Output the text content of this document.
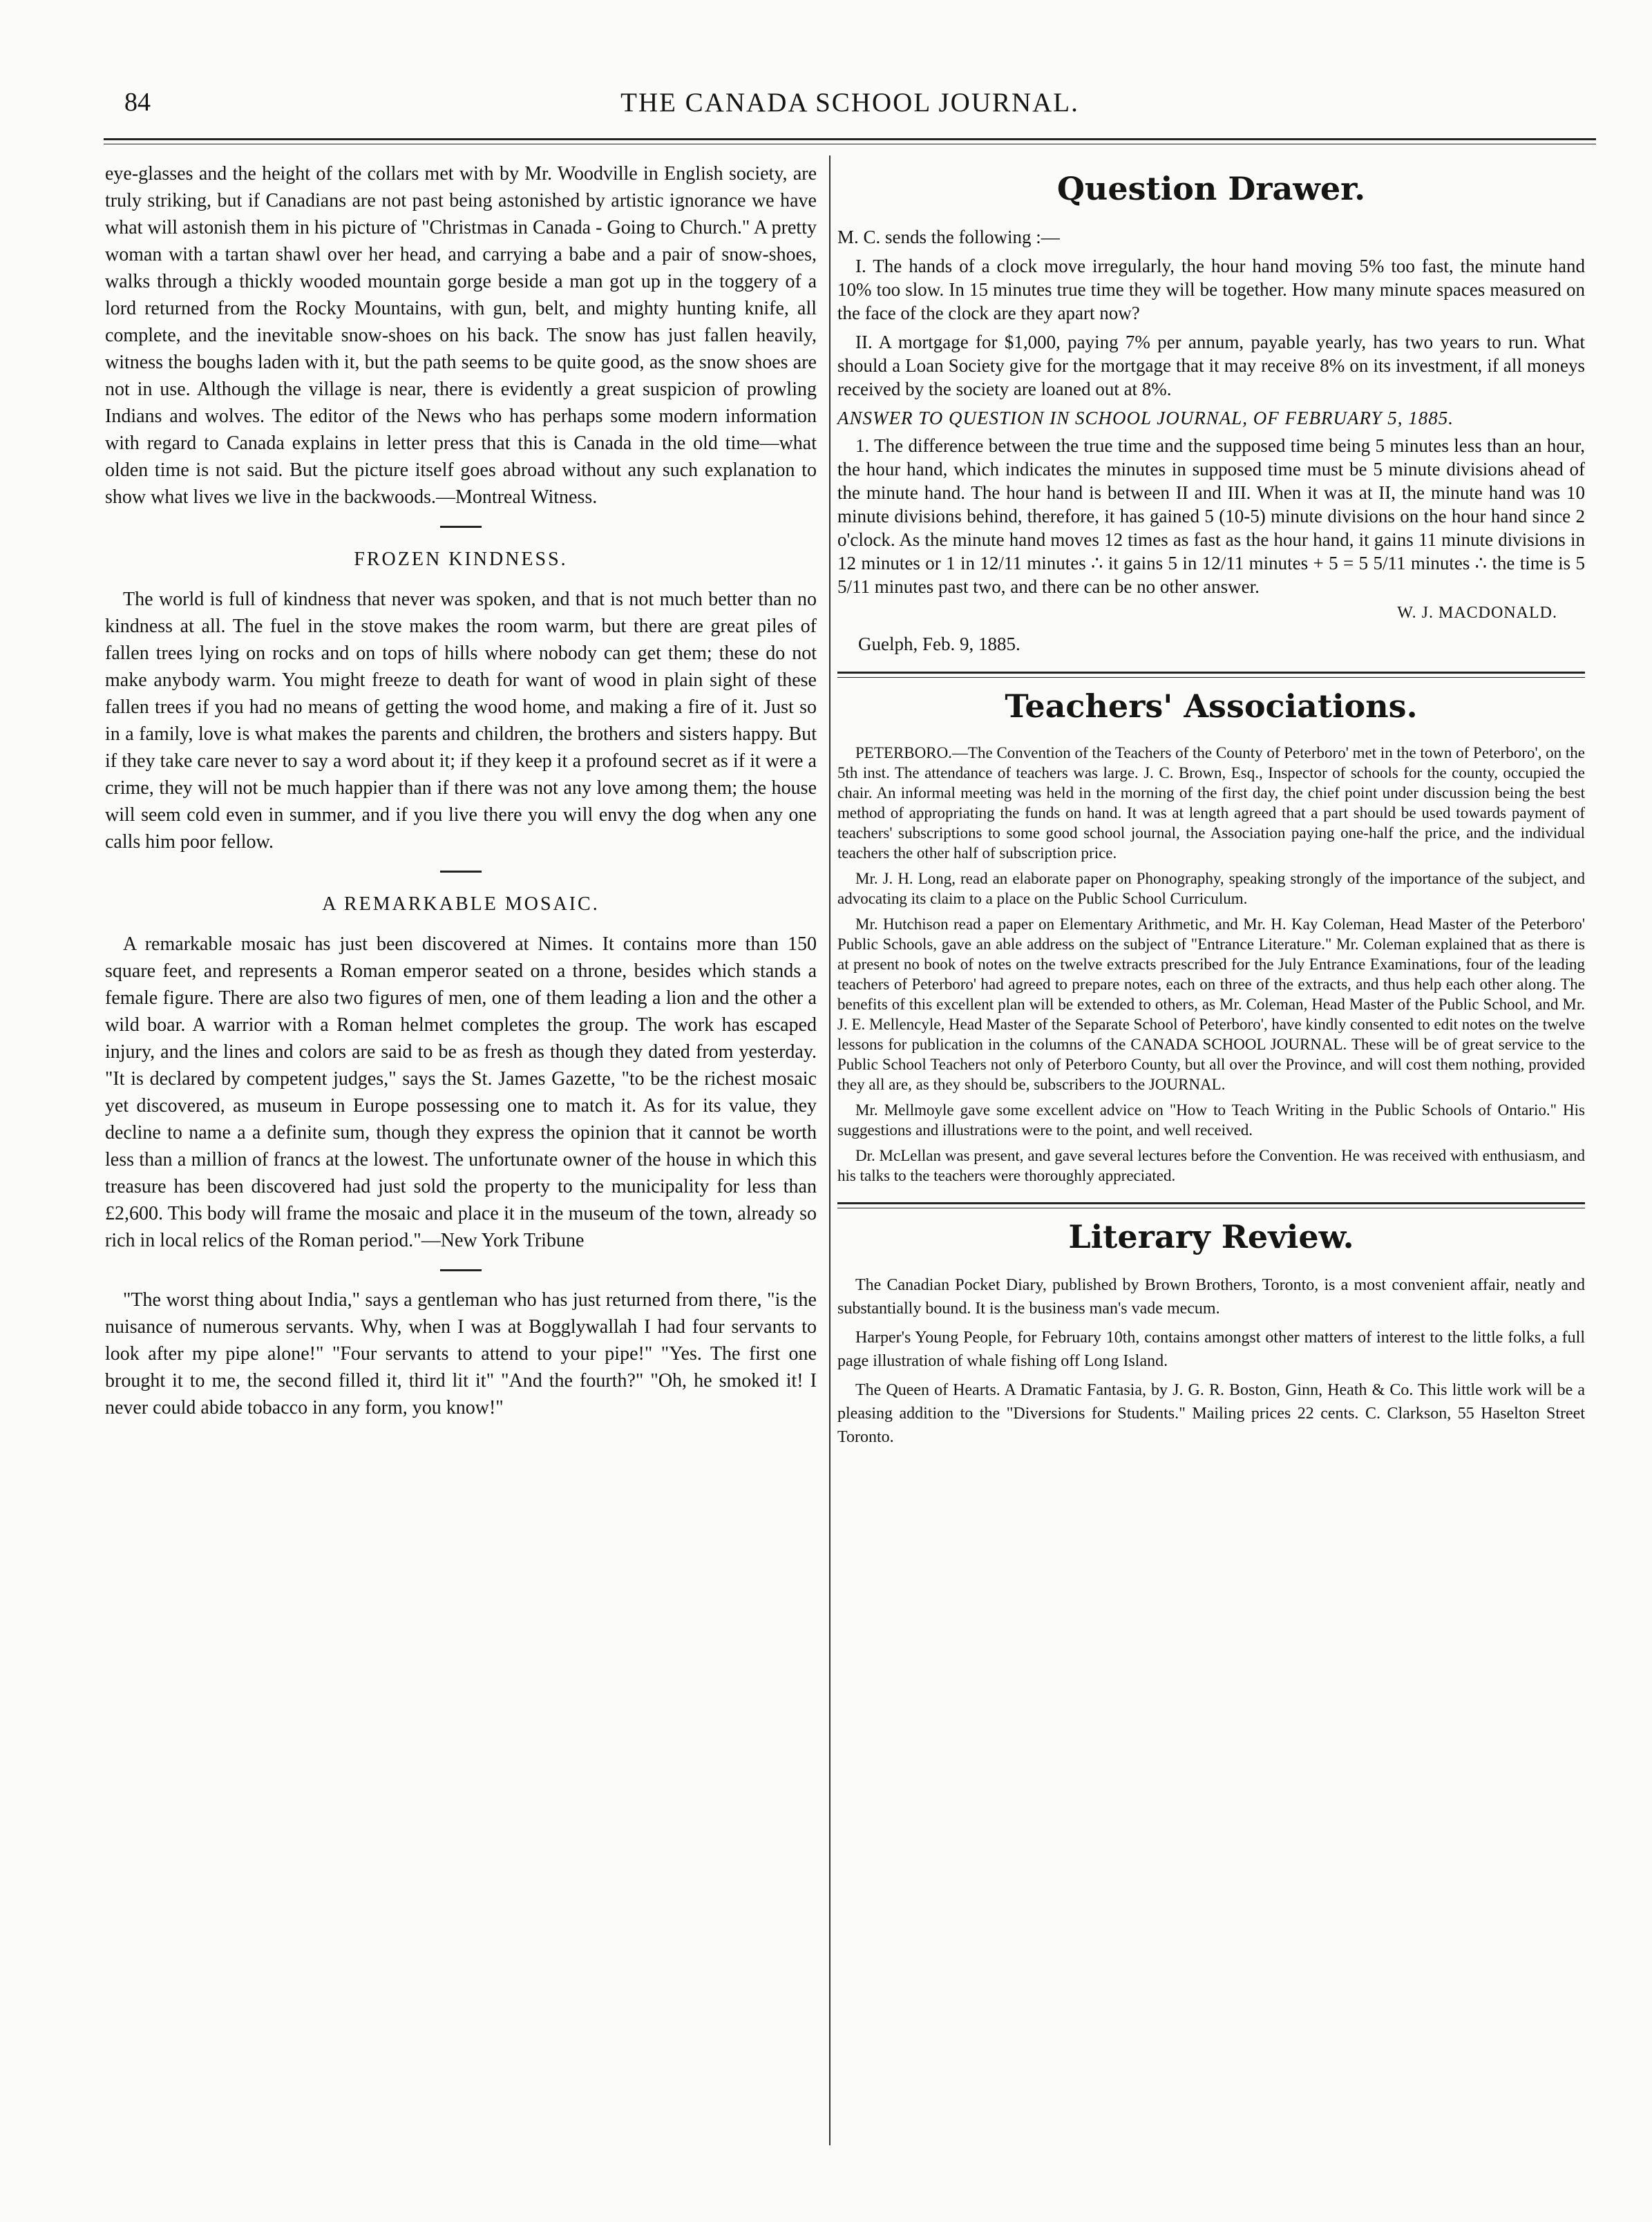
84	THE CANADA SCHOOL JOURNAL.

eye-glasses and the height of the collars met with by Mr. Woodville in English society, are truly striking, but if Canadians are not past being astonished by artistic ignorance we have what will astonish them in his picture of "Christmas in Canada - Going to Church." A pretty woman with a tartan shawl over her head, and carrying a babe and a pair of snow-shoes, walks through a thickly wooded mountain gorge beside a man got up in the toggery of a lord returned from the Rocky Mountains, with gun, belt, and mighty hunting knife, all complete, and the inevitable snow-shoes on his back. The snow has just fallen heavily, witness the boughs laden with it, but the path seems to be quite good, as the snow shoes are not in use. Although the village is near, there is evidently a great suspicion of prowling Indians and wolves. The editor of the News who has perhaps some modern information with regard to Canada explains in letter press that this is Canada in the old time—what olden time is not said. But the picture itself goes abroad without any such explanation to show what lives we live in the backwoods.—Montreal Witness.

FROZEN KINDNESS.

The world is full of kindness that never was spoken, and that is not much better than no kindness at all. The fuel in the stove makes the room warm, but there are great piles of fallen trees lying on rocks and on tops of hills where nobody can get them; these do not make anybody warm. You might freeze to death for want of wood in plain sight of these fallen trees if you had no means of getting the wood home, and making a fire of it. Just so in a family, love is what makes the parents and children, the brothers and sisters happy. But if they take care never to say a word about it; if they keep it a profound secret as if it were a crime, they will not be much happier than if there was not any love among them; the house will seem cold even in summer, and if you live there you will envy the dog when any one calls him poor fellow.

A REMARKABLE MOSAIC.

A remarkable mosaic has just been discovered at Nimes. It contains more than 150 square feet, and represents a Roman emperor seated on a throne, besides which stands a female figure. There are also two figures of men, one of them leading a lion and the other a wild boar. A warrior with a Roman helmet completes the group. The work has escaped injury, and the lines and colors are said to be as fresh as though they dated from yesterday. "It is declared by competent judges," says the St. James Gazette, "to be the richest mosaic yet discovered, as museum in Europe possessing one to match it. As for its value, they decline to name a a definite sum, though they express the opinion that it cannot be worth less than a million of francs at the lowest. The unfortunate owner of the house in which this treasure has been discovered had just sold the property to the municipality for less than £2,600. This body will frame the mosaic and place it in the museum of the town, already so rich in local relics of the Roman period."—New York Tribune

"The worst thing about India," says a gentleman who has just returned from there, "is the nuisance of numerous servants. Why, when I was at Bogglywallah I had four servants to look after my pipe alone!" "Four servants to attend to your pipe!" "Yes. The first one brought it to me, the second filled it, third lit it" "And the fourth?" "Oh, he smoked it! I never could abide tobacco in any form, you know!"

Question Drawer.

M. C. sends the following :—

I. The hands of a clock move irregularly, the hour hand moving 5% too fast, the minute hand 10% too slow. In 15 minutes true time they will be together. How many minute spaces measured on the face of the clock are they apart now?

II. A mortgage for $1,000, paying 7% per annum, payable yearly, has two years to run. What should a Loan Society give for the mortgage that it may receive 8% on its investment, if all moneys received by the society are loaned out at 8%.

ANSWER TO QUESTION IN SCHOOL JOURNAL, OF FEBRUARY 5, 1885.

1. The difference between the true time and the supposed time being 5 minutes less than an hour, the hour hand, which indicates the minutes in supposed time must be 5 minute divisions ahead of the minute hand. The hour hand is between II and III. When it was at II, the minute hand was 10 minute divisions behind, therefore, it has gained 5 (10-5) minute divisions on the hour hand since 2 o'clock. As the minute hand moves 12 times as fast as the hour hand, it gains 11 minute divisions in 12 minutes or 1 in 12/11 minutes ∴ it gains 5 in 12/11 minutes + 5 = 5 5/11 minutes ∴ the time is 5 5/11 minutes past two, and there can be no other answer.

W. J. MACDONALD.
Guelph, Feb. 9, 1885.
Teachers' Associations.

PETERBORO.—The Convention of the Teachers of the County of Peterboro' met in the town of Peterboro', on the 5th inst. The attendance of teachers was large. J. C. Brown, Esq., Inspector of schools for the county, occupied the chair. An informal meeting was held in the morning of the first day, the chief point under discussion being the best method of appropriating the funds on hand. It was at length agreed that a part should be used towards payment of teachers' subscriptions to some good school journal, the Association paying one-half the price, and the individual teachers the other half of subscription price.

Mr. J. H. Long, read an elaborate paper on Phonography, speaking strongly of the importance of the subject, and advocating its claim to a place on the Public School Curriculum.

Mr. Hutchison read a paper on Elementary Arithmetic, and Mr. H. Kay Coleman, Head Master of the Peterboro' Public Schools, gave an able address on the subject of "Entrance Literature." Mr. Coleman explained that as there is at present no book of notes on the twelve extracts prescribed for the July Entrance Examinations, four of the leading teachers of Peterboro' had agreed to prepare notes, each on three of the extracts, and thus help each other along. The benefits of this excellent plan will be extended to others, as Mr. Coleman, Head Master of the Public School, and Mr. J. E. Mellencyle, Head Master of the Separate School of Peterboro', have kindly consented to edit notes on the twelve lessons for publication in the columns of the CANADA SCHOOL JOURNAL. These will be of great service to the Public School Teachers not only of Peterboro County, but all over the Province, and will cost them nothing, provided they all are, as they should be, subscribers to the JOURNAL.

Mr. Mellmoyle gave some excellent advice on "How to Teach Writing in the Public Schools of Ontario." His suggestions and illustrations were to the point, and well received.

Dr. McLellan was present, and gave several lectures before the Convention. He was received with enthusiasm, and his talks to the teachers were thoroughly appreciated.

Literary Review.

The Canadian Pocket Diary, published by Brown Brothers, Toronto, is a most convenient affair, neatly and substantially bound. It is the business man's vade mecum.

Harper's Young People, for February 10th, contains amongst other matters of interest to the little folks, a full page illustration of whale fishing off Long Island.

The Queen of Hearts. A Dramatic Fantasia, by J. G. R. Boston, Ginn, Heath & Co. This little work will be a pleasing addition to the "Diversions for Students." Mailing prices 22 cents. C. Clarkson, 55 Haselton Street Toronto.
